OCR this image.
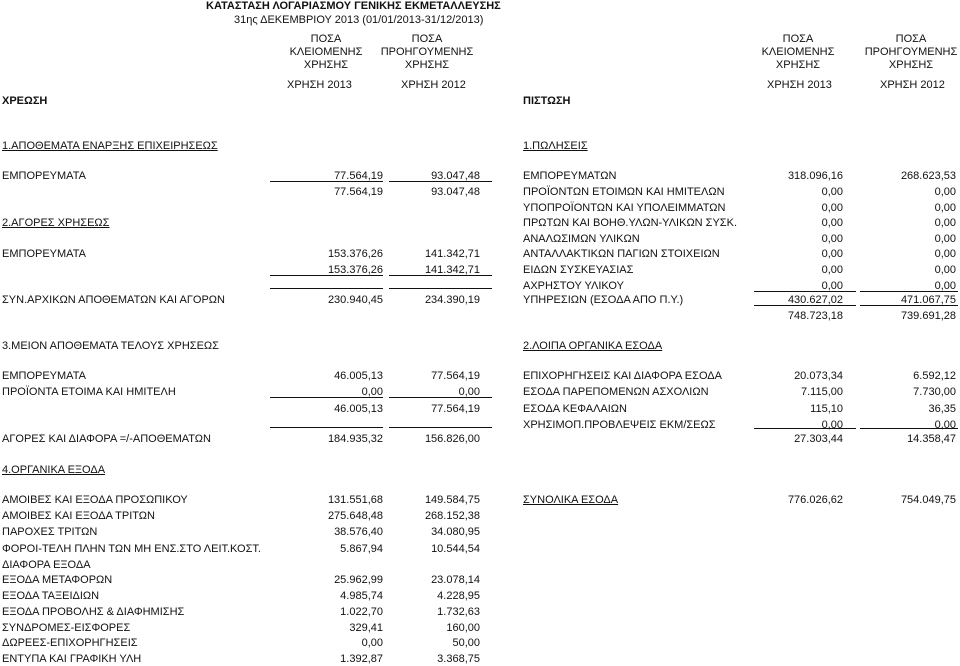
ΚΑΤΑΣΤΑΣΗ ΛΟΓΑΡΙΑΣΜΟΥ ΓΕΝΙΚΗΣ ΕΚΜΕΤΑΛΛΕΥΣΗΣ
31ης ΔΕΚΕΜΒΡΙΟΥ 2013 (01/01/2013-31/12/2013)
ΠΟΣΑ
ΚΛΕΙΟΜΕΝΗΣ
ΧΡΗΣΗΣ
ΠΟΣΑ
ΠΡΟΗΓΟΥΜΕΝΗΣ
ΧΡΗΣΗΣ
ΠΟΣΑ
ΚΛΕΙΟΜΕΝΗΣ
ΧΡΗΣΗΣ
ΠΟΣΑ
ΠΡΟΗΓΟΥΜΕΝΗΣ
ΧΡΗΣΗΣ
ΧΡΗΣΗ 2013	ΧΡΗΣΗ 2012	ΧΡΗΣΗ 2013	ΧΡΗΣΗ 2012
ΧΡΕΩΣΗ	ΠΙΣΤΩΣΗ
1.ΑΠΟΘΕΜΑΤΑ ΕΝΑΡΞΗΣ ΕΠΙΧΕΙΡΗΣΕΩΣ
ΕΜΠΟΡΕΥΜΑΤΑ	77.564,19	93.047,48
77.564,19	93.047,48
2.ΑΓΟΡΕΣ ΧΡΗΣΕΩΣ
ΕΜΠΟΡΕΥΜΑΤΑ	153.376,26	141.342,71
153.376,26	141.342,71
ΣΥΝ.ΑΡΧΙΚΩΝ ΑΠΟΘΕΜΑΤΩΝ ΚΑΙ ΑΓΟΡΩΝ	230.940,45	234.390,19
3.ΜΕΙΟΝ ΑΠΟΘΕΜΑΤΑ ΤΕΛΟΥΣ ΧΡΗΣΕΩΣ
ΕΜΠΟΡΕΥΜΑΤΑ	46.005,13	77.564,19
ΠΡΟΪΟΝΤΑ ΕΤΟΙΜΑ ΚΑΙ ΗΜΙΤΕΛΗ	0,00	0,00
46.005,13	77.564,19
ΑΓΟΡΕΣ ΚΑΙ ΔΙΑΦΟΡΑ =/-ΑΠΟΘΕΜΑΤΩΝ	184.935,32	156.826,00
4.ΟΡΓΑΝΙΚΑ ΕΞΟΔΑ
ΑΜΟΙΒΕΣ ΚΑΙ ΕΞΟΔΑ ΠΡΟΣΩΠΙΚΟΥ	131.551,68	149.584,75
ΑΜΟΙΒΕΣ ΚΑΙ ΕΞΟΔΑ ΤΡΙΤΩΝ	275.648,48	268.152,38
ΠΑΡΟΧΕΣ ΤΡΙΤΩΝ	38.576,40	34.080,95
ΦΟΡΟΙ-ΤΕΛΗ ΠΛΗΝ ΤΩΝ ΜΗ ΕΝΣ.ΣΤΟ ΛΕΙΤ.ΚΟΣΤ.	5.867,94	10.544,54
ΔΙΑΦΟΡΑ ΕΞΟΔΑ
ΕΞΟΔΑ ΜΕΤΑΦΟΡΩΝ	25.962,99	23.078,14
ΕΞΟΔΑ ΤΑΞΕΙΔΙΩΝ	4.985,74	4.228,95
ΕΞΟΔΑ ΠΡΟΒΟΛΗΣ & ΔΙΑΦΗΜΙΣΗΣ	1.022,70	1.732,63
ΣΥΝΔΡΟΜΕΣ-ΕΙΣΦΟΡΕΣ	329,41	160,00
ΔΩΡΕΕΣ-ΕΠΙΧΟΡΗΓΗΣΕΙΣ	0,00	50,00
ΕΝΤΥΠΑ ΚΑΙ ΓΡΑΦΙΚΗ ΥΛΗ	1.392,87	3.368,75
1.ΠΩΛΗΣΕΙΣ
ΕΜΠΟΡΕΥΜΑΤΩΝ	318.096,16	268.623,53
ΠΡΟΪΟΝΤΩΝ ΕΤΟΙΜΩΝ ΚΑΙ ΗΜΙΤΕΛΩΝ	0,00	0,00
ΥΠΟΠΡΟΪΟΝΤΩΝ ΚΑΙ ΥΠΟΛΕΙΜΜΑΤΩΝ	0,00	0,00
ΠΡΩΤΩΝ ΚΑΙ ΒΟΗΘ.ΥΛΩΝ-ΥΛΙΚΩΝ ΣΥΣΚ.	0,00	0,00
ΑΝΑΛΩΣΙΜΩΝ ΥΛΙΚΩΝ	0,00	0,00
ΑΝΤΑΛΛΑΚΤΙΚΩΝ ΠΑΓΙΩΝ ΣΤΟΙΧΕΙΩΝ	0,00	0,00
ΕΙΔΩΝ ΣΥΣΚΕΥΑΣΙΑΣ	0,00	0,00
ΑΧΡΗΣΤΟΥ ΥΛΙΚΟΥ	0,00	0,00
ΥΠΗΡΕΣΙΩΝ (ΕΣΟΔΑ ΑΠΟ Π.Υ.)	430.627,02	471.067,75
748.723,18	739.691,28
2.ΛΟΙΠΑ ΟΡΓΑΝΙΚΑ ΕΣΟΔΑ
ΕΠΙΧΟΡΗΓΗΣΕΙΣ ΚΑΙ ΔΙΑΦΟΡΑ ΕΣΟΔΑ	20.073,34	6.592,12
ΕΣΟΔΑ ΠΑΡΕΠΟΜΕΝΩΝ ΑΣΧΟΛΙΩΝ	7.115,00	7.730,00
ΕΣΟΔΑ ΚΕΦΑΛΑΙΩΝ	115,10	36,35
ΧΡΗΣΙΜΟΠ.ΠΡΟΒΛΕΨΕΙΣ ΕΚΜ/ΣΕΩΣ	0,00	0,00
27.303,44	14.358,47
ΣΥΝΟΛΙΚΑ ΕΣΟΔΑ	776.026,62	754.049,75
